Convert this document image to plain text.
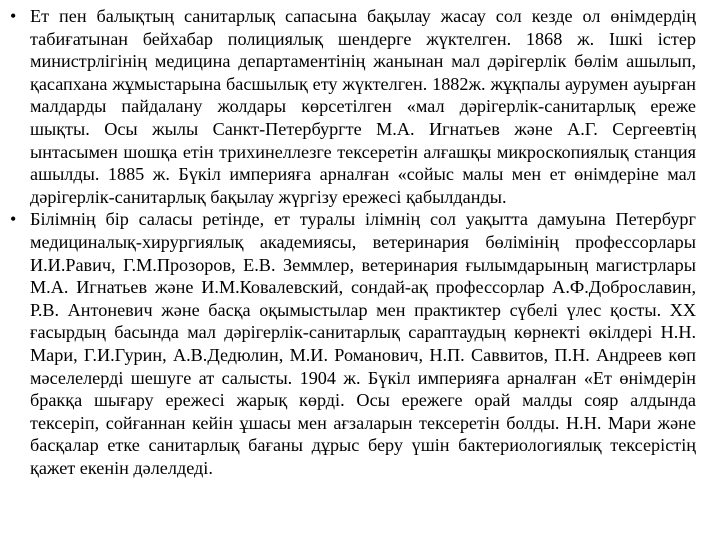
• Ет пен балықтың санитарлық сапасына бақылау жасау сол кезде ол өнімдердің табиғатынан бейхабар полициялық шендерге жүктелген. 1868 ж. Ішкі істер министрлігінің медицина департаментінің жанынан мал дәрігерлік бөлім ашылып, қасапхана жұмыстарына басшылық ету жүктелген. 1882ж. жұқпалы аурумен ауырған малдарды пайдалану жолдары көрсетілген «мал дәрігерлік-санитарлық ереже шықты. Осы жылы Санкт-Петербургте М.А. Игнатьев және А.Г. Сергеевтің ынтасымен шошқа етін трихинеллезге тексеретін алғашқы микроскопиялық станция ашылды. 1885 ж. Бүкіл империяға арналған «сойыс малы мен ет өнімдеріне мал дәрігерлік-санитарлық бақылау жүргізу ережесі қабылданды.

• Білімнің бір саласы ретінде, ет туралы ілімнің сол уақытта дамуына Петербург медициналық-хирургиялық академиясы, ветеринария бөлімінің профессорлары И.И.Равич, Г.М.Прозоров, Е.В. Земмлер, ветеринария ғылымдарының магистрлары М.А. Игнатьев және И.М.Ковалевский, сондай-ақ профессорлар А.Ф.Доброславин, Р.В. Антоневич және басқа оқымыстылар мен практиктер сүбелі үлес қосты. XX ғасырдың басында мал дәрігерлік-санитарлық сараптаудың көрнекті өкілдері Н.Н. Мари, Г.И.Гурин, А.В.Дедюлин, М.И. Романович, Н.П. Саввитов, П.Н. Андреев көп мәселелерді шешуге ат салысты. 1904 ж. Бүкіл империяға арналған «Ет өнімдерін бракқа шығару ережесі жарық көрді. Осы ережеге орай малды сояр алдында тексеріп, сойғаннан кейін ұшасы мен ағзаларын тексеретін болды. Н.Н. Мари және басқалар етке санитарлық бағаны дұрыс беру үшін бактериологиялық тексерістің қажет екенін дәлелдеді.
